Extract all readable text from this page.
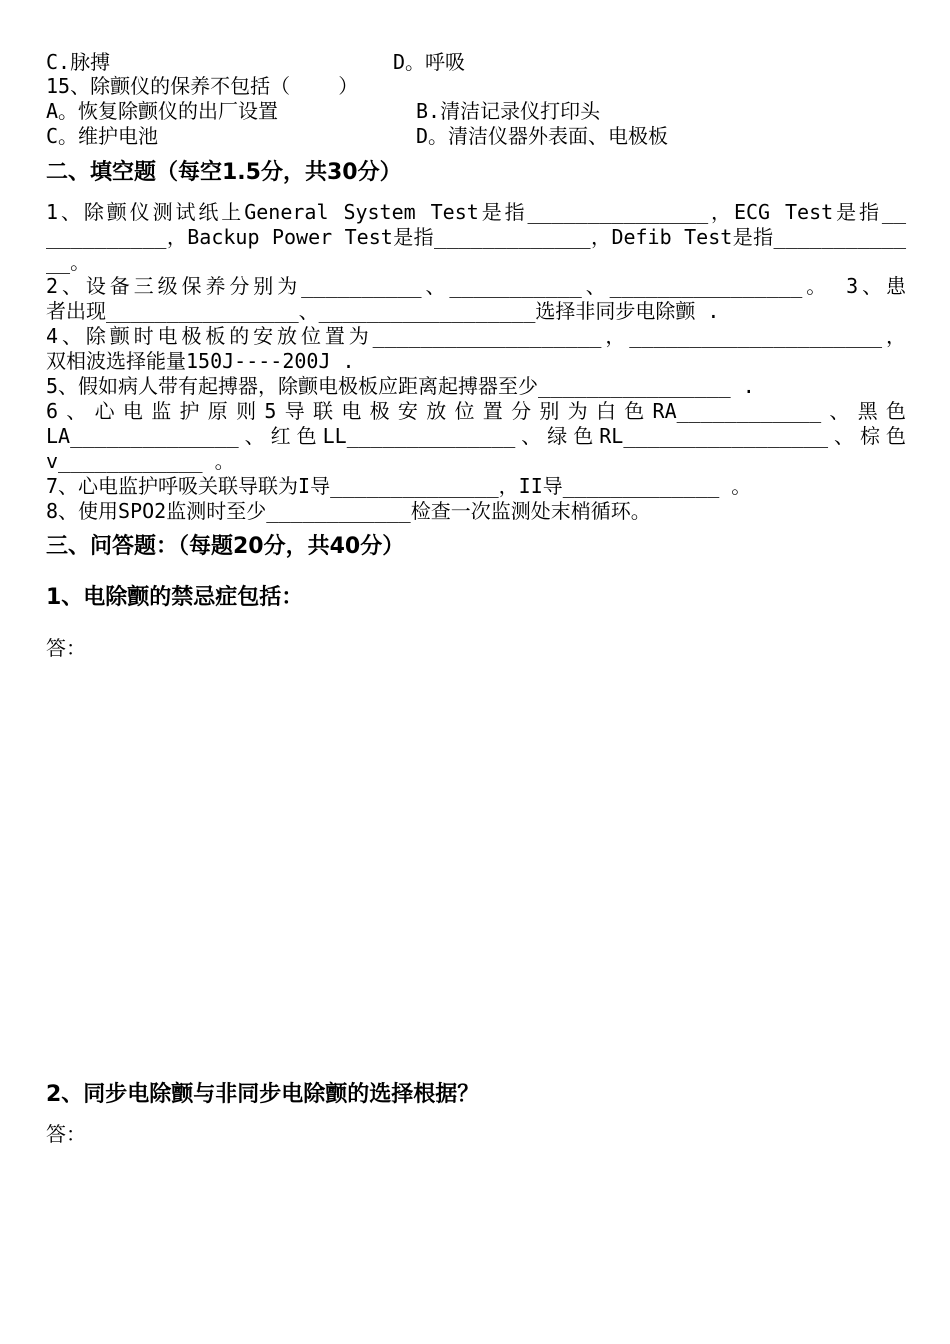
C.脉搏	D。呼吸
15、除颤仪的保养不包括（    ）
A。恢复除颤仪的出厂设置	B.清洁记录仪打印头
C。维护电池	D。清洁仪器外表面、电极板
二、填空题（每空1.5分，共30分）
1、除颤仪测试纸上General System Test是指_______________，ECG Test是指__
__________，Backup Power Test是指_____________，Defib Test是指___________
__。
2、设备三级保养分别为__________、___________、________________。 3、患
者出现________________、__________________选择非同步电除颤 .
4、除颤时电极板的安放位置为___________________，_____________________，
双相波选择能量150J----200J .
5、假如病人带有起搏器，除颤电极板应距离起搏器至少________________ .
6、心电监护原则5导联电极安放位置分别为白色RA____________、黑色
LA______________、红色LL______________、绿色RL_________________、棕色
v____________ 。
7、心电监护呼吸关联导联为I导______________，II导_____________ 。
8、使用SPO2监测时至少____________检查一次监测处末梢循环。
三、问答题：（每题20分，共40分）
1、电除颤的禁忌症包括：
答：
2、同步电除颤与非同步电除颤的选择根据？
答：
